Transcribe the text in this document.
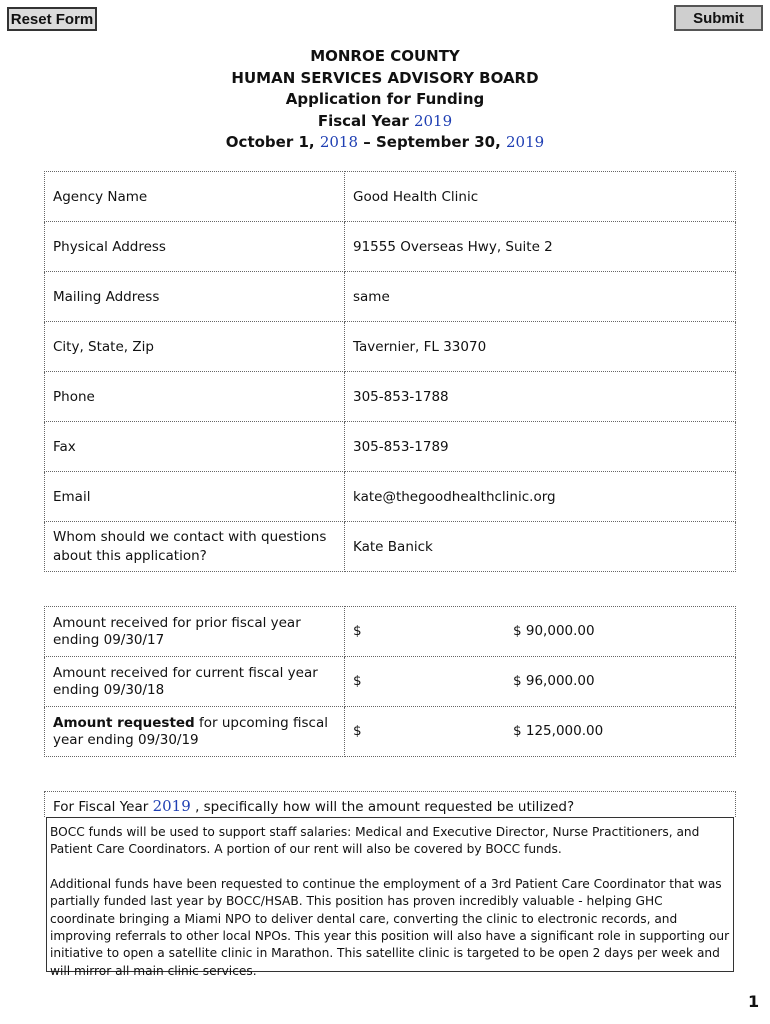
Reset Form	Submit
MONROE COUNTY
HUMAN SERVICES ADVISORY BOARD
Application for Funding
Fiscal Year 2019
October 1, 2018 – September 30, 2019
Agency Name	Good Health Clinic
Physical Address	91555 Overseas Hwy, Suite 2
Mailing Address	same
City, State, Zip	Tavernier, FL 33070
Phone	305-853-1788
Fax	305-853-1789
Email	kate@thegoodhealthclinic.org
Whom should we contact with questions about this application?	Kate Banick
Amount received for prior fiscal year ending 09/30/17	$ $ 90,000.00

Amount received for current fiscal year ending 09/30/18	$ $ 96,000.00

Amount requested for upcoming fiscal year ending 09/30/19	$ $ 125,000.00
For Fiscal Year 2019 , specifically how will the amount requested be utilized?

BOCC funds will be used to support staff salaries: Medical and Executive Director, Nurse Practitioners, and Patient Care Coordinators. A portion of our rent will also be covered by BOCC funds.

Additional funds have been requested to continue the employment of a 3rd Patient Care Coordinator that was partially funded last year by BOCC/HSAB. This position has proven incredibly valuable - helping GHC coordinate bringing a Miami NPO to deliver dental care, converting the clinic to electronic records, and improving referrals to other local NPOs. This year this position will also have a significant role in supporting our initiative to open a satellite clinic in Marathon. This satellite clinic is targeted to be open 2 days per week and will mirror all main clinic services.

1
